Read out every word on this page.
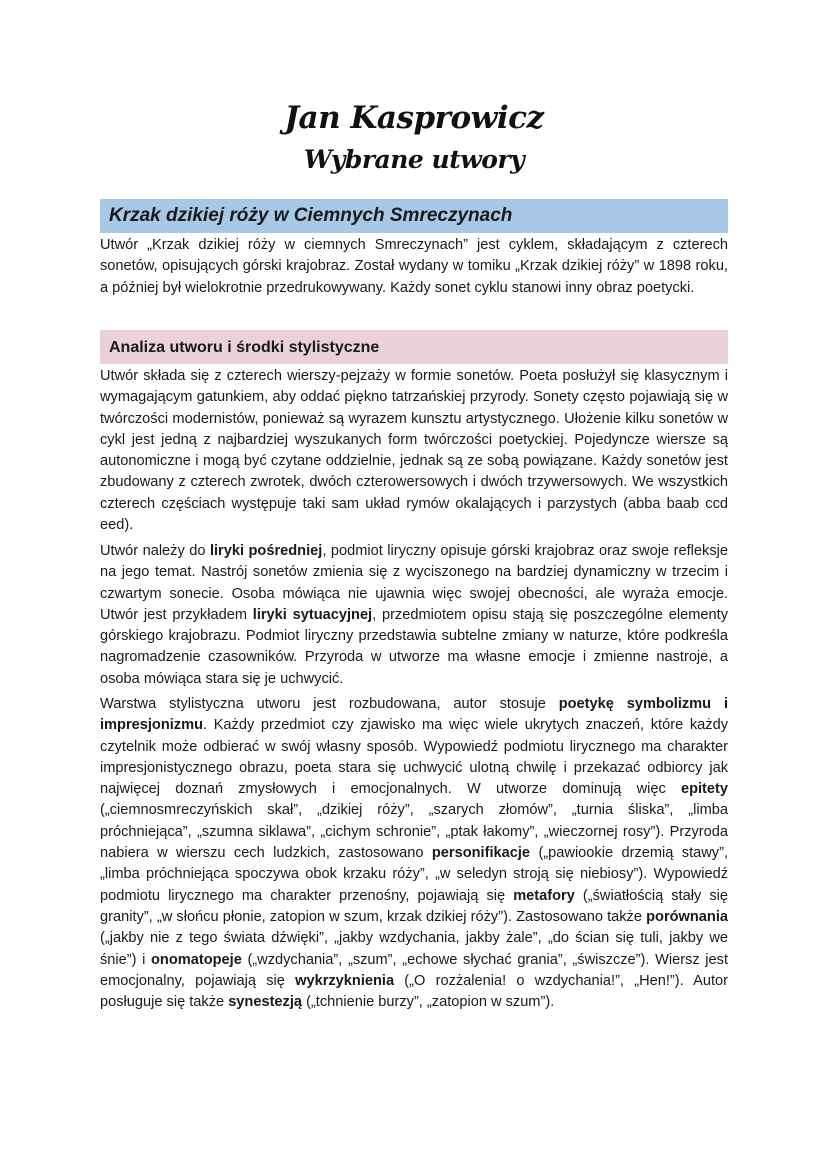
Jan Kasprowicz
Wybrane utwory
Krzak dzikiej róży w Ciemnych Smreczynach

Utwór „Krzak dzikiej róży w ciemnych Smreczynach” jest cyklem, składającym z czterech sonetów, opisujących górski krajobraz. Został wydany w tomiku „Krzak dzikiej róży” w 1898 roku, a później był wielokrotnie przedrukowywany. Każdy sonet cyklu stanowi inny obraz poetycki.

Analiza utworu i środki stylistyczne

Utwór składa się z czterech wierszy-pejzaży w formie sonetów. Poeta posłużył się klasycznym i wymagającym gatunkiem, aby oddać piękno tatrzańskiej przyrody. Sonety często pojawiają się w twórczości modernistów, ponieważ są wyrazem kunsztu artystycznego. Ułożenie kilku sonetów w cykl jest jedną z najbardziej wyszukanych form twórczości poetyckiej. Pojedyncze wiersze są autonomiczne i mogą być czytane oddzielnie, jednak są ze sobą powiązane. Każdy sonetów jest zbudowany z czterech zwrotek, dwóch czterowersowych i dwóch trzywersowych. We wszystkich czterech częściach występuje taki sam układ rymów okalających i parzystych (abba baab ccd eed).

Utwór należy do liryki pośredniej, podmiot liryczny opisuje górski krajobraz oraz swoje refleksje na jego temat. Nastrój sonetów zmienia się z wyciszonego na bardziej dynamiczny w trzecim i czwartym sonecie. Osoba mówiąca nie ujawnia więc swojej obecności, ale wyraża emocje. Utwór jest przykładem liryki sytuacyjnej, przedmiotem opisu stają się poszczególne elementy górskiego krajobrazu. Podmiot liryczny przedstawia subtelne zmiany w naturze, które podkreśla nagromadzenie czasowników. Przyroda w utworze ma własne emocje i zmienne nastroje, a osoba mówiąca stara się je uchwycić.

Warstwa stylistyczna utworu jest rozbudowana, autor stosuje poetykę symbolizmu i impresjonizmu. Każdy przedmiot czy zjawisko ma więc wiele ukrytych znaczeń, które każdy czytelnik może odbierać w swój własny sposób. Wypowiedź podmiotu lirycznego ma charakter impresjonistycznego obrazu, poeta stara się uchwycić ulotną chwilę i przekazać odbiorcy jak najwięcej doznań zmysłowych i emocjonalnych. W utworze dominują więc epitety („ciemnosmreczyńskich skał”, „dzikiej róży”, „szarych złomów”, „turnia śliska”, „limba próchniejąca”, „szumna siklawa”, „cichym schronie”, „ptak łakomy”, „wieczornej rosy”). Przyroda nabiera w wierszu cech ludzkich, zastosowano personifikacje („pawiookie drzemią stawy”, „limba próchniejąca spoczywa obok krzaku róży”, „w seledyn stroją się niebiosy”). Wypowiedź podmiotu lirycznego ma charakter przenośny, pojawiają się metafory („światłością stały się granity”, „w słońcu płonie, zatopion w szum, krzak dzikiej róży”). Zastosowano także porównania („jakby nie z tego świata dźwięki”, „jakby wzdychania, jakby żale”, „do ścian się tuli, jakby we śnie”) i onomatopeje („wzdychania”, „szum”, „echowe słychać grania”, „świszcze”). Wiersz jest emocjonalny, pojawiają się wykrzyknienia („O rozżalenia! o wzdychania!”, „Hen!”). Autor posługuje się także synestezją („tchnienie burzy”, „zatopion w szum”).
